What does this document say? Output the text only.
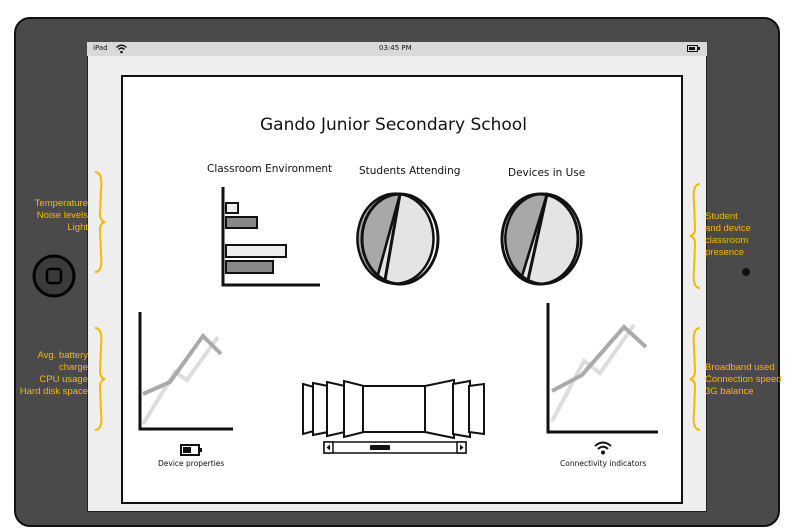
iPad	03:45 PM
Gando Junior Secondary School
Classroom Environment	Students Attending	Devices in Use
Device properties	Connectivity indicators
Temperature
Noise levels
Light
Avg. battery
charge
CPU usage
Hard disk space
Student
and device
classroom
presence
Broadband used
Connection speed
3G balance
